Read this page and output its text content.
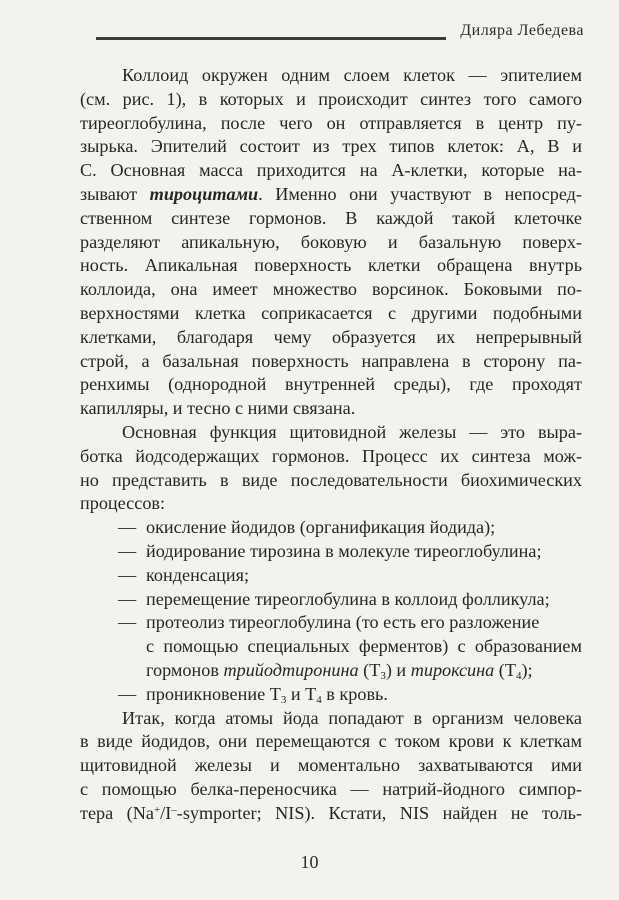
Диляра Лебедева
Коллоид окружен одним слоем клеток — эпителием
(см. рис. 1), в которых и происходит синтез того самого
тиреоглобулина, после чего он отправляется в центр пу-
зырька. Эпителий состоит из трех типов клеток: А, В и
С. Основная масса приходится на А-клетки, которые на-
зывают тироцитами. Именно они участвуют в непосред-
ственном синтезе гормонов. В каждой такой клеточке
разделяют апикальную, боковую и базальную поверх-
ность. Апикальная поверхность клетки обращена внутрь
коллоида, она имеет множество ворсинок. Боковыми по-
верхностями клетка соприкасается с другими подобными
клетками, благодаря чему образуется их непрерывный
строй, а базальная поверхность направлена в сторону па-
ренхимы (однородной внутренней среды), где проходят
капилляры, и тесно с ними связана.
Основная функция щитовидной железы — это выра-
ботка йодсодержащих гормонов. Процесс их синтеза мож-
но представить в виде последовательности биохимических
процессов:
— окисление йодидов (органификация йодида);
— йодирование тирозина в молекуле тиреоглобулина;
— конденсация;
— перемещение тиреоглобулина в коллоид фолликула;
— протеолиз тиреоглобулина (то есть его разложение
с помощью специальных ферментов) с образованием
гормонов трийодтиронина $(Т_3)$ и тироксина $(Т_4)$;
— проникновение $Т_3$ и $Т_4$ в кровь.
Итак, когда атомы йода попадают в организм человека
в виде йодидов, они перемещаются с током крови к клеткам
щитовидной железы и моментально захватываются ими
с помощью белка-переносчика — натрий-йодного симпор-
тера (Na+/I–-symporter; NIS). Кстати, NIS найден не толь-
10
